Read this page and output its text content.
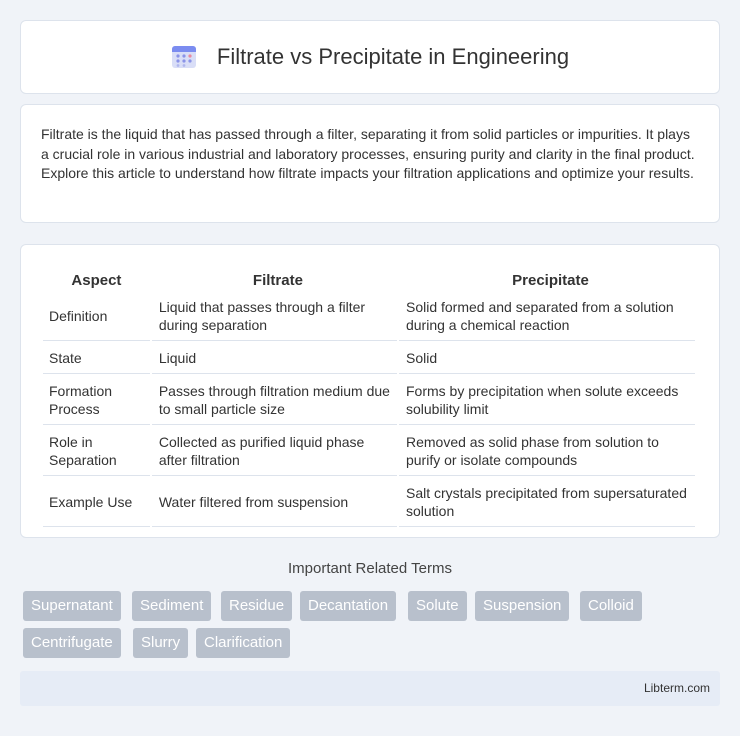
Filtrate vs Precipitate in Engineering

Filtrate is the liquid that has passed through a filter, separating it from solid particles or impurities. It plays a crucial role in various industrial and laboratory processes, ensuring purity and clarity in the final product. Explore this article to understand how filtrate impacts your filtration applications and optimize your results.

Aspect	Filtrate	Precipitate
Definition	Liquid that passes through a filter during separation	Solid formed and separated from a solution during a chemical reaction
State	Liquid	Solid
Formation Process	Passes through filtration medium due to small particle size	Forms by precipitation when solute exceeds solubility limit
Role in Separation	Collected as purified liquid phase after filtration	Removed as solid phase from solution to purify or isolate compounds
Example Use	Water filtered from suspension	Salt crystals precipitated from supersaturated solution
Important Related Terms
Supernatant	Sediment	Residue	Decantation	Solute	Suspension	Colloid
Centrifugate	Slurry	Clarification
Libterm.com
